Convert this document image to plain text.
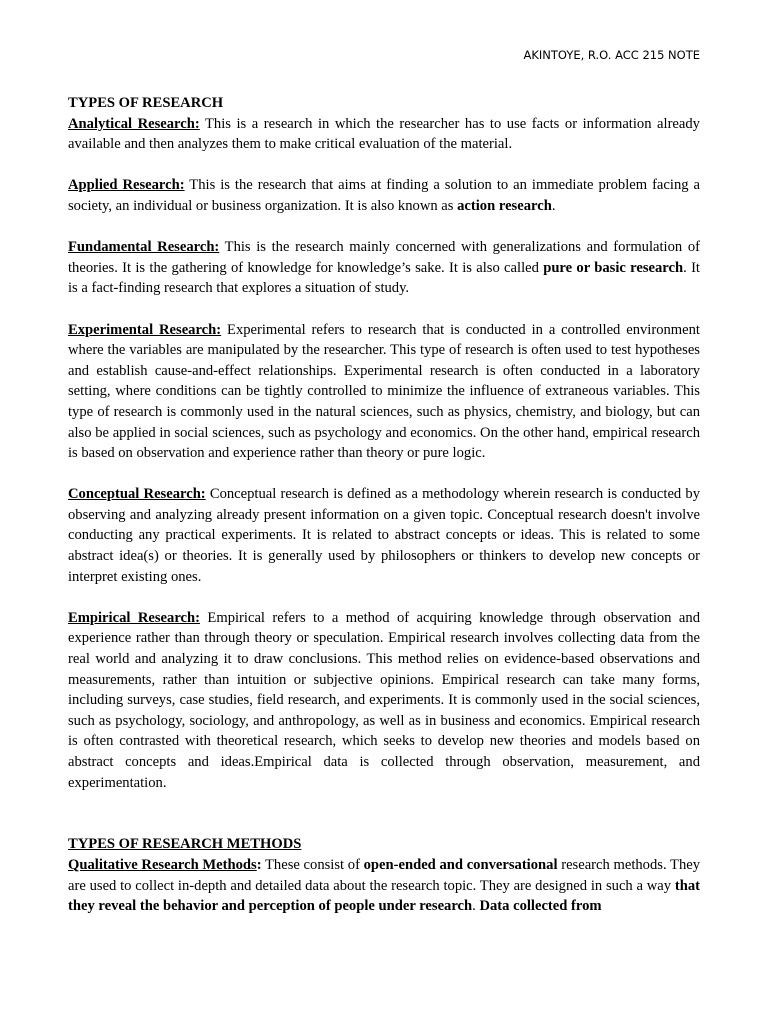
AKINTOYE, R.O. ACC 215 NOTE

TYPES OF RESEARCH

Analytical Research: This is a research in which the researcher has to use facts or information already available and then analyzes them to make critical evaluation of the material.

Applied Research: This is the research that aims at finding a solution to an immediate problem facing a society, an individual or business organization. It is also known as action research.

Fundamental Research: This is the research mainly concerned with generalizations and formulation of theories. It is the gathering of knowledge for knowledge’s sake. It is also called pure or basic research. It is a fact-finding research that explores a situation of study.

Experimental Research: Experimental refers to research that is conducted in a controlled environment where the variables are manipulated by the researcher. This type of research is often used to test hypotheses and establish cause-and-effect relationships. Experimental research is often conducted in a laboratory setting, where conditions can be tightly controlled to minimize the influence of extraneous variables. This type of research is commonly used in the natural sciences, such as physics, chemistry, and biology, but can also be applied in social sciences, such as psychology and economics. On the other hand, empirical research is based on observation and experience rather than theory or pure logic.

Conceptual Research: Conceptual research is defined as a methodology wherein research is conducted by observing and analyzing already present information on a given topic. Conceptual research doesn't involve conducting any practical experiments. It is related to abstract concepts or ideas. This is related to some abstract idea(s) or theories. It is generally used by philosophers or thinkers to develop new concepts or interpret existing ones.

Empirical Research: Empirical refers to a method of acquiring knowledge through observation and experience rather than through theory or speculation. Empirical research involves collecting data from the real world and analyzing it to draw conclusions. This method relies on evidence-based observations and measurements, rather than intuition or subjective opinions. Empirical research can take many forms, including surveys, case studies, field research, and experiments. It is commonly used in the social sciences, such as psychology, sociology, and anthropology, as well as in business and economics. Empirical research is often contrasted with theoretical research, which seeks to develop new theories and models based on abstract concepts and ideas.Empirical data is collected through observation, measurement, and experimentation.

TYPES OF RESEARCH METHODS

Qualitative Research Methods: These consist of open-ended and conversational research methods. They are used to collect in-depth and detailed data about the research topic. They are designed in such a way that they reveal the behavior and perception of people under research. Data collected from
